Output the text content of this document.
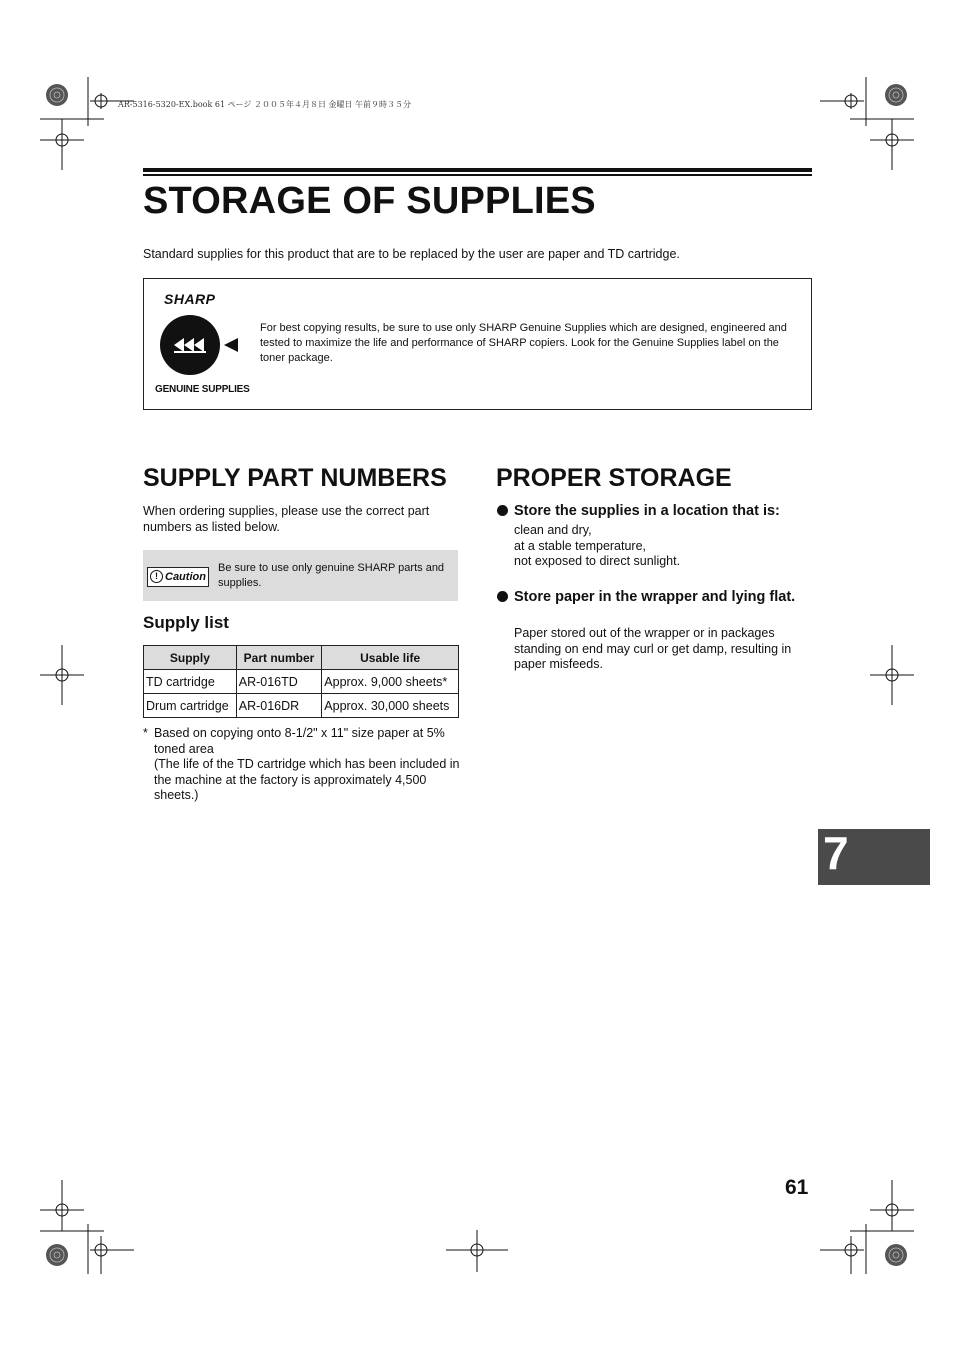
AR-5316-5320-EX.book 61 ページ ２００５年４月８日 金曜日 午前９時３５分
STORAGE OF SUPPLIES
Standard supplies for this product that are to be replaced by the user are paper and TD cartridge.
SHARP
GENUINE SUPPLIES
For best copying results, be sure to use only SHARP Genuine Supplies which are designed, engineered and tested to maximize the life and performance of SHARP copiers. Look for the Genuine Supplies label on the toner package.
SUPPLY PART NUMBERS
When ordering supplies, please use the correct part numbers as listed below.
! Caution
Be sure to use only genuine SHARP parts and supplies.
Supply list
Supply	Part number	Usable life
TD cartridge	AR-016TD	Approx. 9,000 sheets*
Drum cartridge	AR-016DR	Approx. 30,000 sheets
* Based on copying onto 8-1/2" x 11" size paper at 5% toned area
(The life of the TD cartridge which has been included in the machine at the factory is approximately 4,500 sheets.)
PROPER STORAGE
Store the supplies in a location that is:
clean and dry,
at a stable temperature,
not exposed to direct sunlight.
Store paper in the wrapper and lying flat.
Paper stored out of the wrapper or in packages standing on end may curl or get damp, resulting in paper misfeeds.
7
61
